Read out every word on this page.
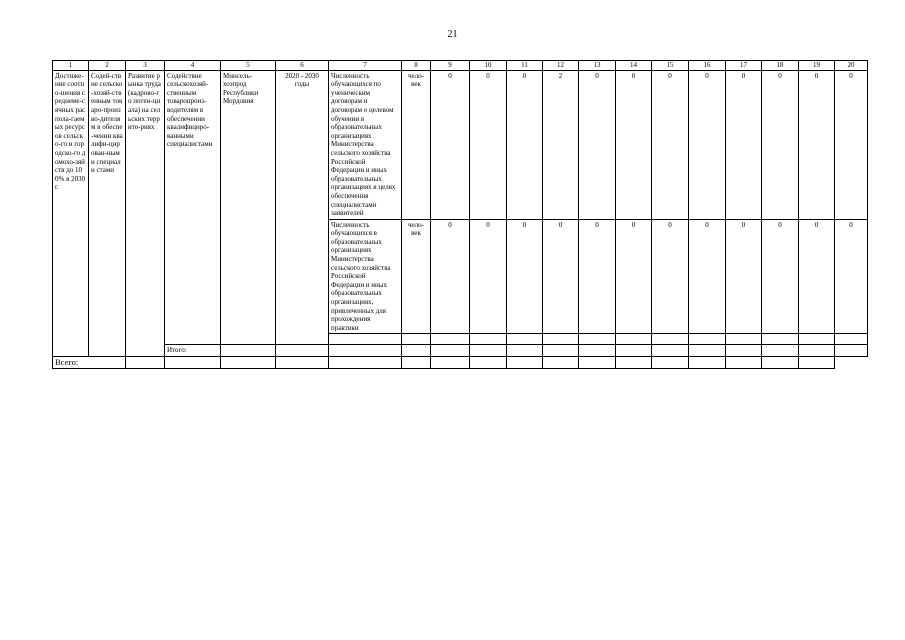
21
1	2	3	4	5	6	7	8	9	10	11	12	13	14	15	16	17	18	19	20
Достиже-ние соотно-шения среднеме-сячных распола-гаемых ресурсов сельско-го и городско-го домохо-зяйств до 100% в 2030 г.	Содей-ствие сельско-хозяй-ственным товаро-произво-дителям в обеспе-чении квалифи-цирован-ными специали стами	Развитие рынка труда (кадрово-го потен-циала) на сельских террито-риях	Содействие сельскохозяй-ственным товаропроиз-водителям в обеспечении квалифициро-ванными специалистами	Минсель-хозпрод Республики Мордовия	2020 - 2030 годы	Численность обучающихся по ученическим договорам и договорам о целевом обучении в образовательных организациях Министерства сельского хозяйства Российской Федерации и иных образовательных организациях в целях обеспечения специалистами заявителей	чело-век	0	0	0	2	0	0	0	0	0	0	0	0
						Численность обучающихся в образовательных организациях Министерства сельского хозяйства Российской Федерации и иных образовательных организациях, привлеченных для прохождения практики	чело-век	0	0	0	0	0	0	0	0	0	0	0	0

			Итого:																
Всего:																			
